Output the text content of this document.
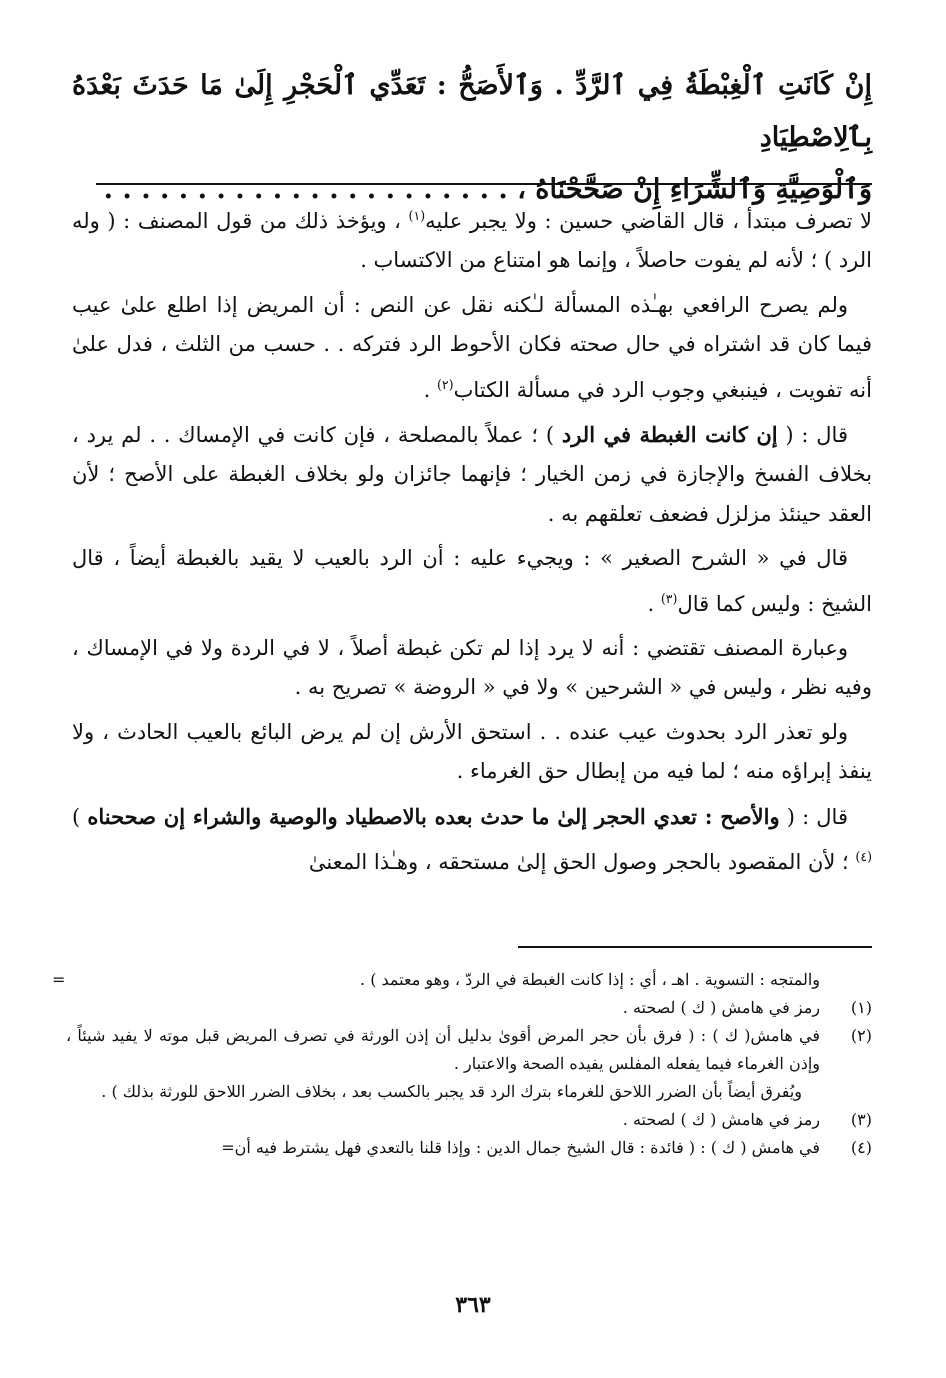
إِنْ كَانَتِ ٱلْغِبْطَةُ فِي ٱلرَّدِّ . وَٱلأَصَحُّ : تَعَدِّي ٱلْحَجْرِ إِلَىٰ مَا حَدَثَ بَعْدَهُ بِٱلِاصْطِيَادِ

وَٱلْوَصِيَّةِ وَٱلشِّرَاءِ إِنْ صَحَّحْنَاهُ ، . . . . . . . . . . . . . . . . . . . . . .

لا تصرف مبتدأ ، قال القاضي حسين : ولا يجبر عليه$^{(١)}$ ، ويؤخذ ذلك من قول المصنف : ( وله الرد ) ؛ لأنه لم يفوت حاصلاً ، وإنما هو امتناع من الاكتساب .

ولم يصرح الرافعي بهـٰذه المسألة لـٰكنه نقل عن النص : أن المريض إذا اطلع علىٰ عيب فيما كان قد اشتراه في حال صحته فكان الأحوط الرد فتركه . . حسب من الثلث ، فدل علىٰ أنه تفويت ، فينبغي وجوب الرد في مسألة الكتاب$^{(٢)}$ .

قال : ( إن كانت الغبطة في الرد ) ؛ عملاً بالمصلحة ، فإن كانت في الإمساك . . لم يرد ، بخلاف الفسخ والإجازة في زمن الخيار ؛ فإنهما جائزان ولو بخلاف الغبطة على الأصح ؛ لأن العقد حينئذ مزلزل فضعف تعلقهم به .

قال في « الشرح الصغير » : ويجيء عليه : أن الرد بالعيب لا يقيد بالغبطة أيضاً ، قال الشيخ : وليس كما قال$^{(٣)}$ .

وعبارة المصنف تقتضي : أنه لا يرد إذا لم تكن غبطة أصلاً ، لا في الردة ولا في الإمساك ، وفيه نظر ، وليس في « الشرحين » ولا في « الروضة » تصريح به .

ولو تعذر الرد بحدوث عيب عنده . . استحق الأرش إن لم يرض البائع بالعيب الحادث ، ولا ينفذ إبراؤه منه ؛ لما فيه من إبطال حق الغرماء .

قال : ( والأصح : تعدي الحجر إلىٰ ما حدث بعده بالاصطياد والوصية والشراء إن صححناه )$^{(٤)}$ ؛ لأن المقصود بالحجر وصول الحق إلىٰ مستحقه ، وهـٰذا المعنىٰ

=	والمتجه : التسوية . اهـ ، أي : إذا كانت الغبطة في الردّ ، وهو معتمد ) .

(١)
رمز في هامش ( ك ) لصحته .

(٢)

في هامش( ك ) : ( فرق بأن حجر المرض أقوىٰ بدليل أن إذن الورثة في تصرف المريض قبل موته لا يفيد شيئاً ، وإذن الغرماء فيما يفعله المفلس يفيده الصحة والاعتبار .

ويُفرق أيضاً بأن الضرر اللاحق للغرماء بترك الرد قد يجبر بالكسب بعد ، بخلاف الضرر اللاحق للورثة بذلك ) .

(٣)
رمز في هامش ( ك ) لصحته .

(٤)
في هامش ( ك ) : ( فائدة : قال الشيخ جمال الدين : وإذا قلنا بالتعدي فهل يشترط فيه أن=

٣٦٣
